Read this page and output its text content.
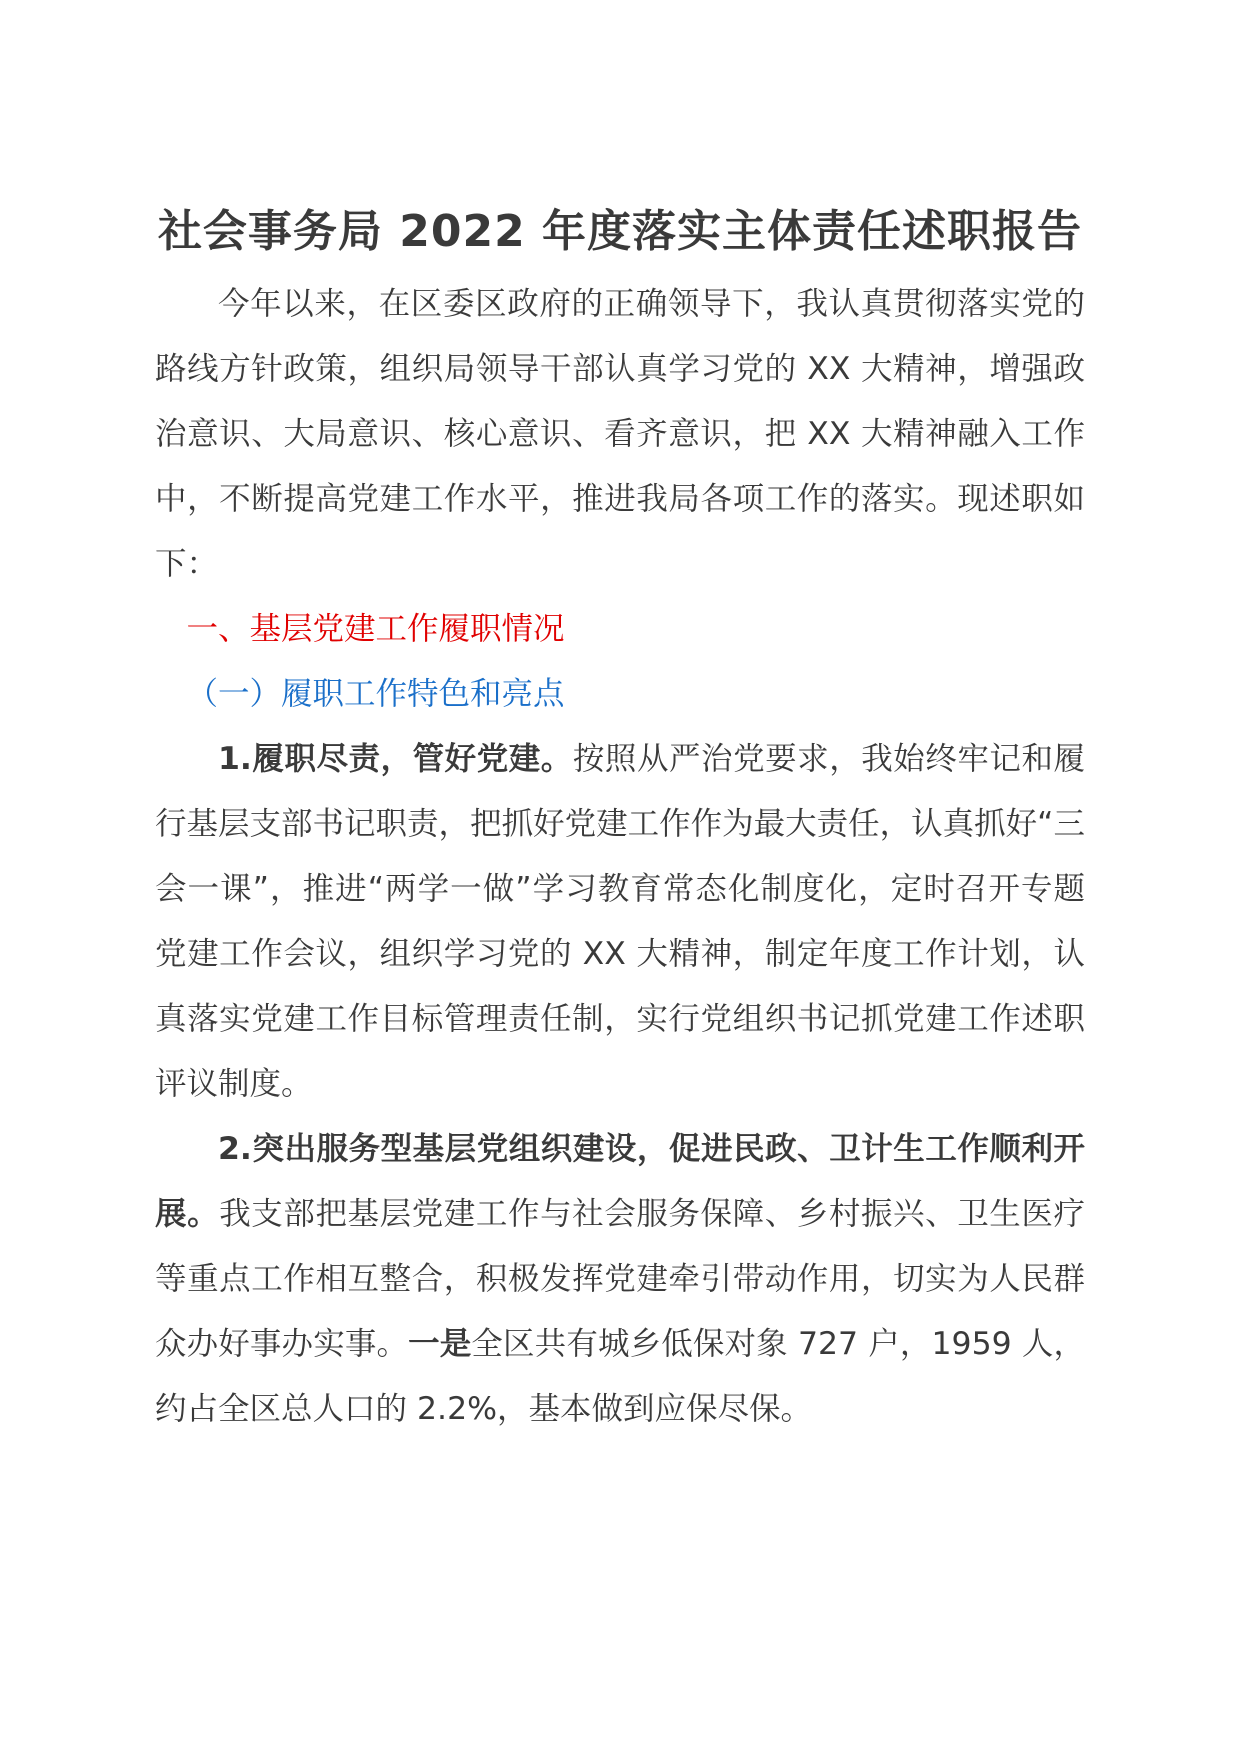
社会事务局 2022 年度落实主体责任述职报告

今年以来，在区委区政府的正确领导下，我认真贯彻落实党的路线方针政策，组织局领导干部认真学习党的 XX 大精神，增强政治意识、大局意识、核心意识、看齐意识，把 XX 大精神融入工作中，不断提高党建工作水平，推进我局各项工作的落实。现述职如下：

一、基层党建工作履职情况

（一）履职工作特色和亮点

1.履职尽责，管好党建。按照从严治党要求，我始终牢记和履行基层支部书记职责，把抓好党建工作作为最大责任，认真抓好“三会一课”，推进“两学一做”学习教育常态化制度化，定时召开专题党建工作会议，组织学习党的 XX 大精神，制定年度工作计划，认真落实党建工作目标管理责任制，实行党组织书记抓党建工作述职评议制度。

2.突出服务型基层党组织建设，促进民政、卫计生工作顺利开展。我支部把基层党建工作与社会服务保障、乡村振兴、卫生医疗等重点工作相互整合，积极发挥党建牵引带动作用，切实为人民群众办好事办实事。一是全区共有城乡低保对象 727 户，1959 人，约占全区总人口的 2.2%，基本做到应保尽保。
